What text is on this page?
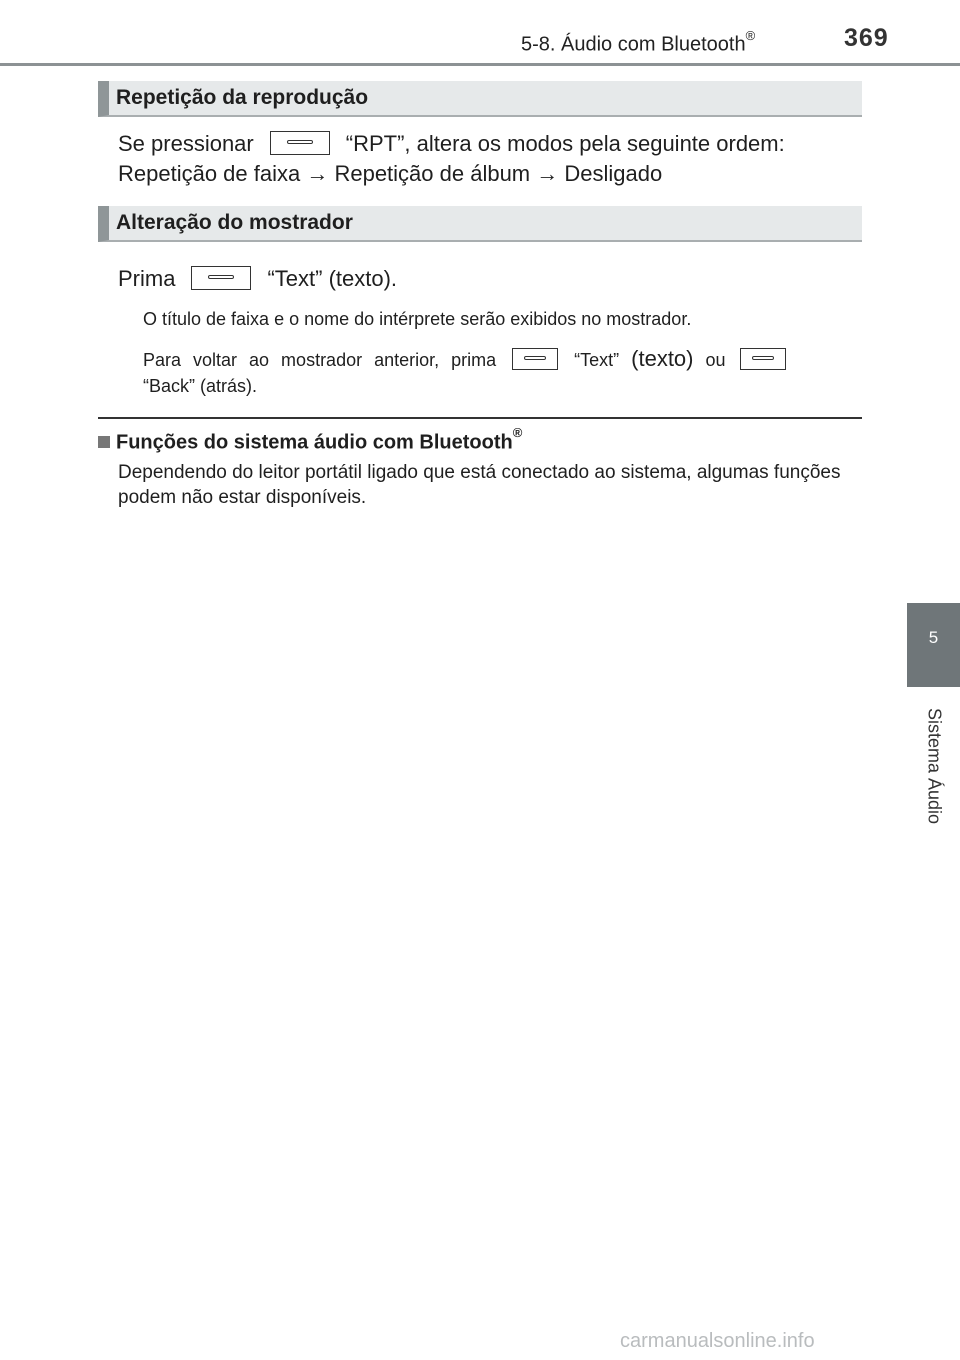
5-8. Áudio com Bluetooth®	369
5
Sistema Áudio
Repetição da reprodução
Se pressionar	“RPT”, altera os modos pela seguinte ordem:
Repetição de faixa → Repetição de álbum → Desligado
Alteração do mostrador
Prima	“Text” (texto).
O título de faixa e o nome do intérprete serão exibidos no mostrador.
Para voltar ao mostrador anterior, prima	“Text” (texto) ou
“Back” (atrás).
Funções do sistema áudio com Bluetooth®
Dependendo do leitor portátil ligado que está conectado ao sistema, algumas funções podem não estar disponíveis.
carmanualsonline.info
